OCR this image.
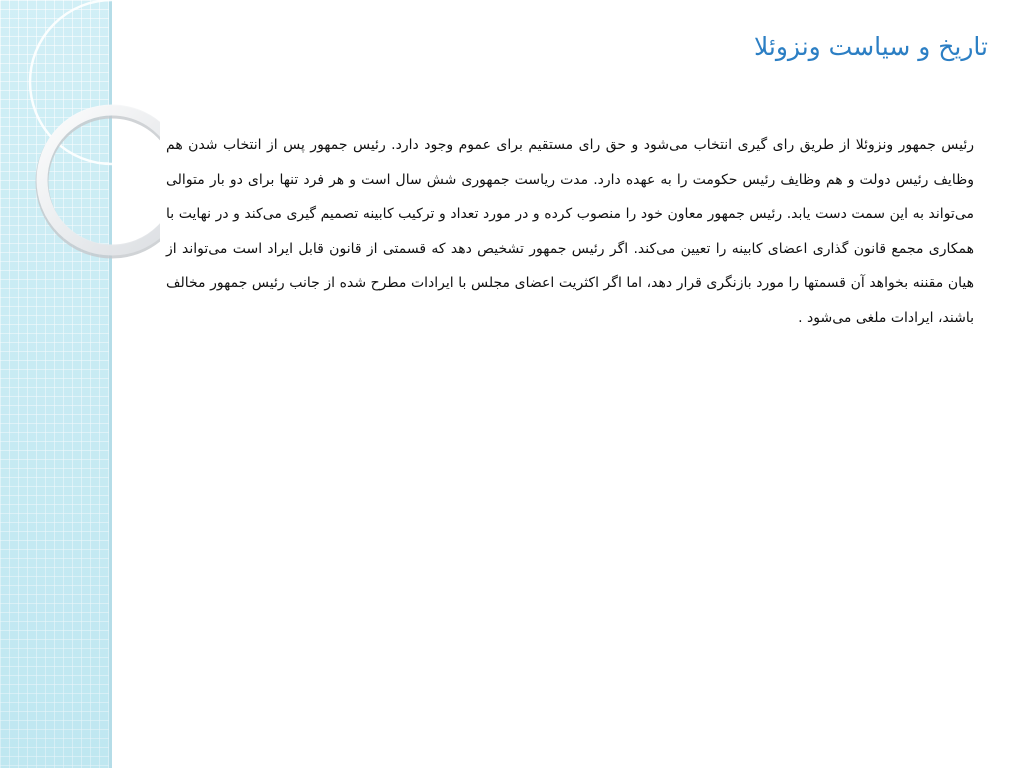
تاریخ و سیاست ونزوئلا

رئیس جمهور ونزوئلا از طریق رای گیری انتخاب می‌شود و حق رای مستقیم برای عموم وجود دارد. رئیس جمهور پس از انتخاب شدن هم وظایف رئیس دولت و هم وظایف رئیس حکومت را به عهده دارد. مدت ریاست جمهوری شش سال است و هر فرد تنها برای دو بار متوالی می‌تواند به این سمت دست یابد. رئیس جمهور معاون خود را منصوب کرده و در مورد تعداد و ترکیب کابینه تصمیم گیری می‌کند و در نهایت با همکاری مجمع قانون گذاری اعضای کابینه را تعیین می‌کند. اگر رئیس جمهور تشخیص دهد که قسمتی از قانون قابل ایراد است می‌تواند از هیان مقننه بخواهد آن قسمتها را مورد بازنگری قرار دهد، اما اگر اکثریت اعضای مجلس با ایرادات مطرح شده از جانب رئیس جمهور مخالف باشند، ایرادات ملغی می‌شود .
